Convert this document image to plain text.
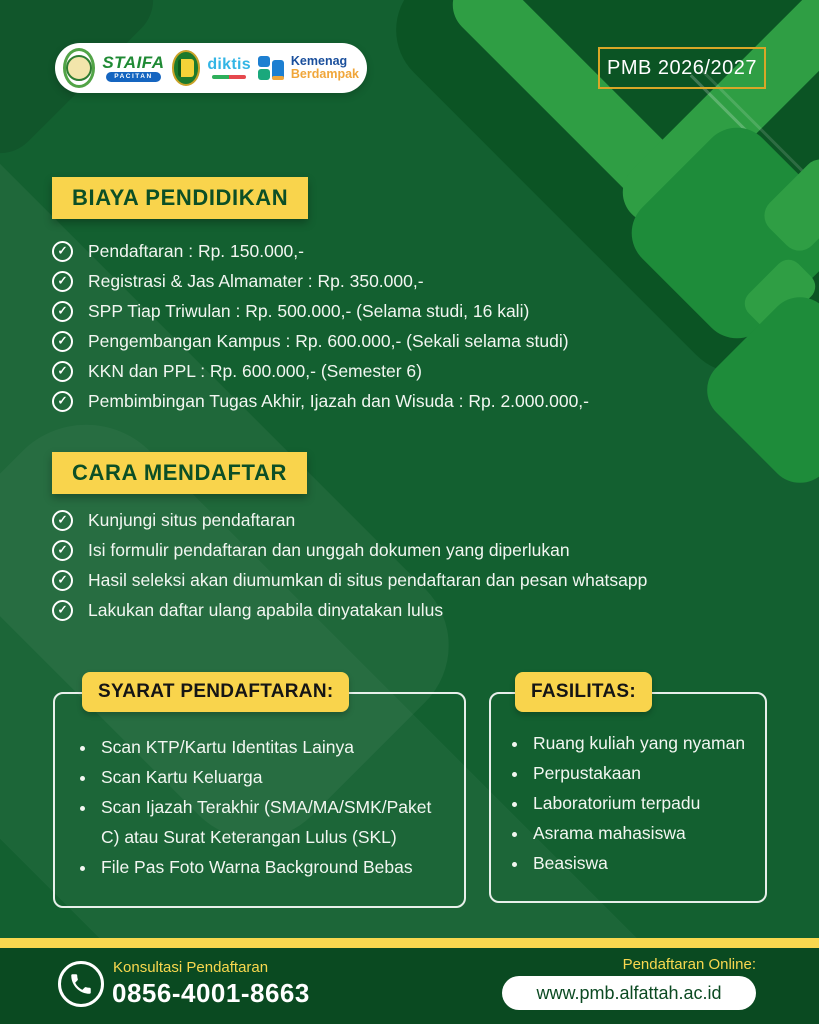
STAIFA
PACITAN
diktis	Kemenag
Berdampak	PMB 2026/2027
BIAYA PENDIDIKAN
✓ Pendaftaran : Rp. 150.000,-
✓ Registrasi & Jas Almamater : Rp. 350.000,-
✓ SPP Tiap Triwulan : Rp. 500.000,- (Selama studi, 16 kali)
✓ Pengembangan Kampus : Rp. 600.000,- (Sekali selama studi)
✓ KKN dan PPL : Rp. 600.000,- (Semester 6)
✓ Pembimbingan Tugas Akhir, Ijazah dan Wisuda : Rp. 2.000.000,-
CARA MENDAFTAR
✓ Kunjungi situs pendaftaran
✓ Isi formulir pendaftaran dan unggah dokumen yang diperlukan
✓ Hasil seleksi akan diumumkan di situs pendaftaran dan pesan whatsapp
✓ Lakukan daftar ulang apabila dinyatakan lulus
SYARAT PENDAFTARAN:
• Scan KTP/Kartu Identitas Lainya
• Scan Kartu Keluarga
• Scan Ijazah Terakhir (SMA/MA/SMK/Paket C) atau Surat Keterangan Lulus (SKL)
• File Pas Foto Warna Background Bebas
FASILITAS:
• Ruang kuliah yang nyaman
• Perpustakaan
• Laboratorium terpadu
• Asrama mahasiswa
• Beasiswa
Konsultasi Pendaftaran
0856-4001-8663
Pendaftaran Online:
www.pmb.alfattah.ac.id
